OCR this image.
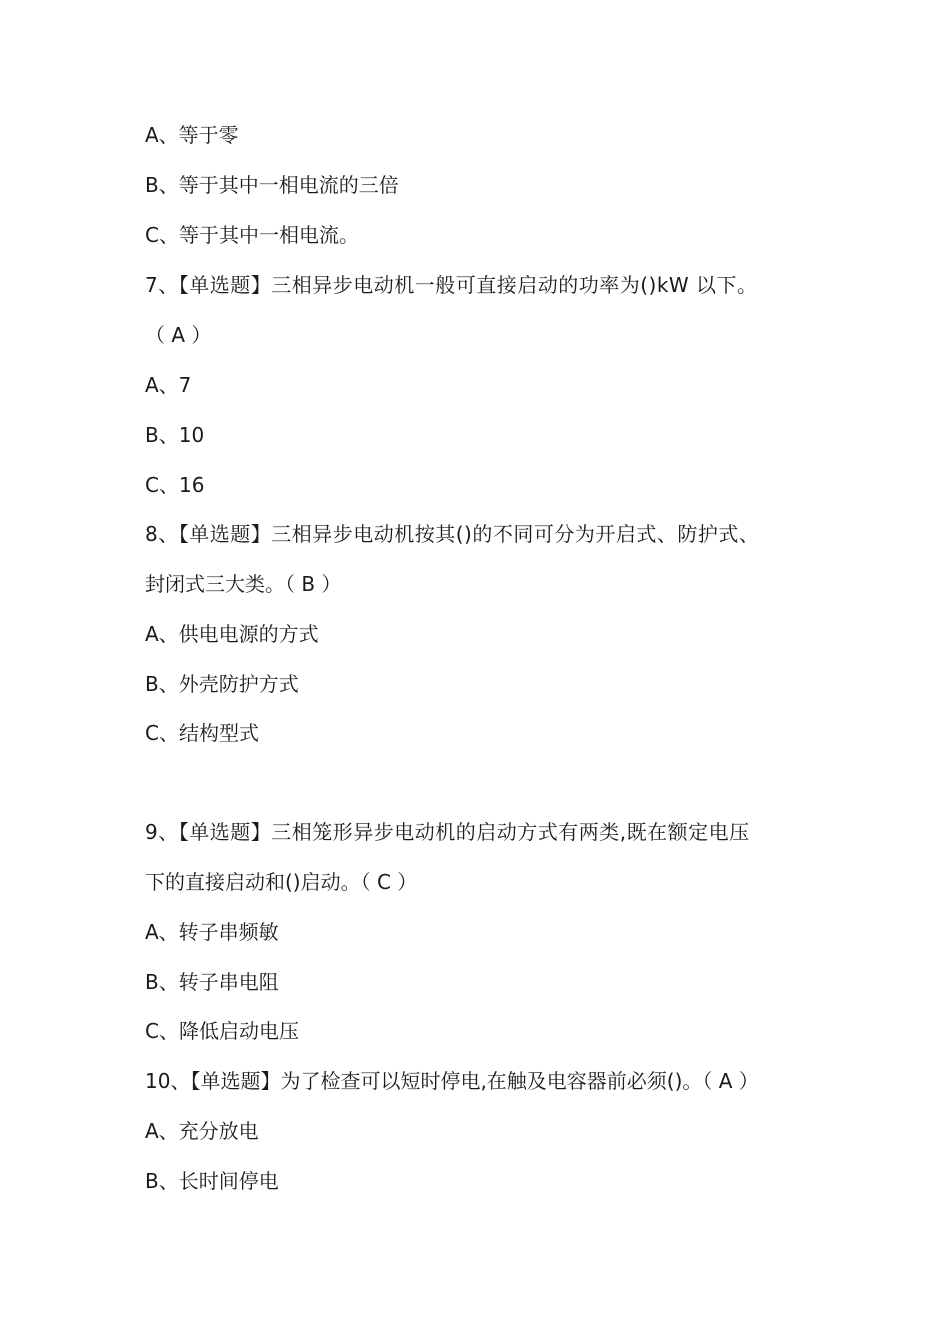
A、等于零

B、等于其中一相电流的三倍

C、等于其中一相电流。

7、【单选题】三相异步电动机一般可直接启动的功率为()kW 以下。

（ A ）

A、7

B、10

C、16

8、【单选题】三相异步电动机按其()的不同可分为开启式、防护式、

封闭式三大类。（ B ）

A、供电电源的方式

B、外壳防护方式

C、结构型式

9、【单选题】三相笼形异步电动机的启动方式有两类,既在额定电压

下的直接启动和()启动。（ C ）

A、转子串频敏

B、转子串电阻

C、降低启动电压

10、【单选题】为了检查可以短时停电,在触及电容器前必须()。（ A ）

A、充分放电

B、长时间停电
